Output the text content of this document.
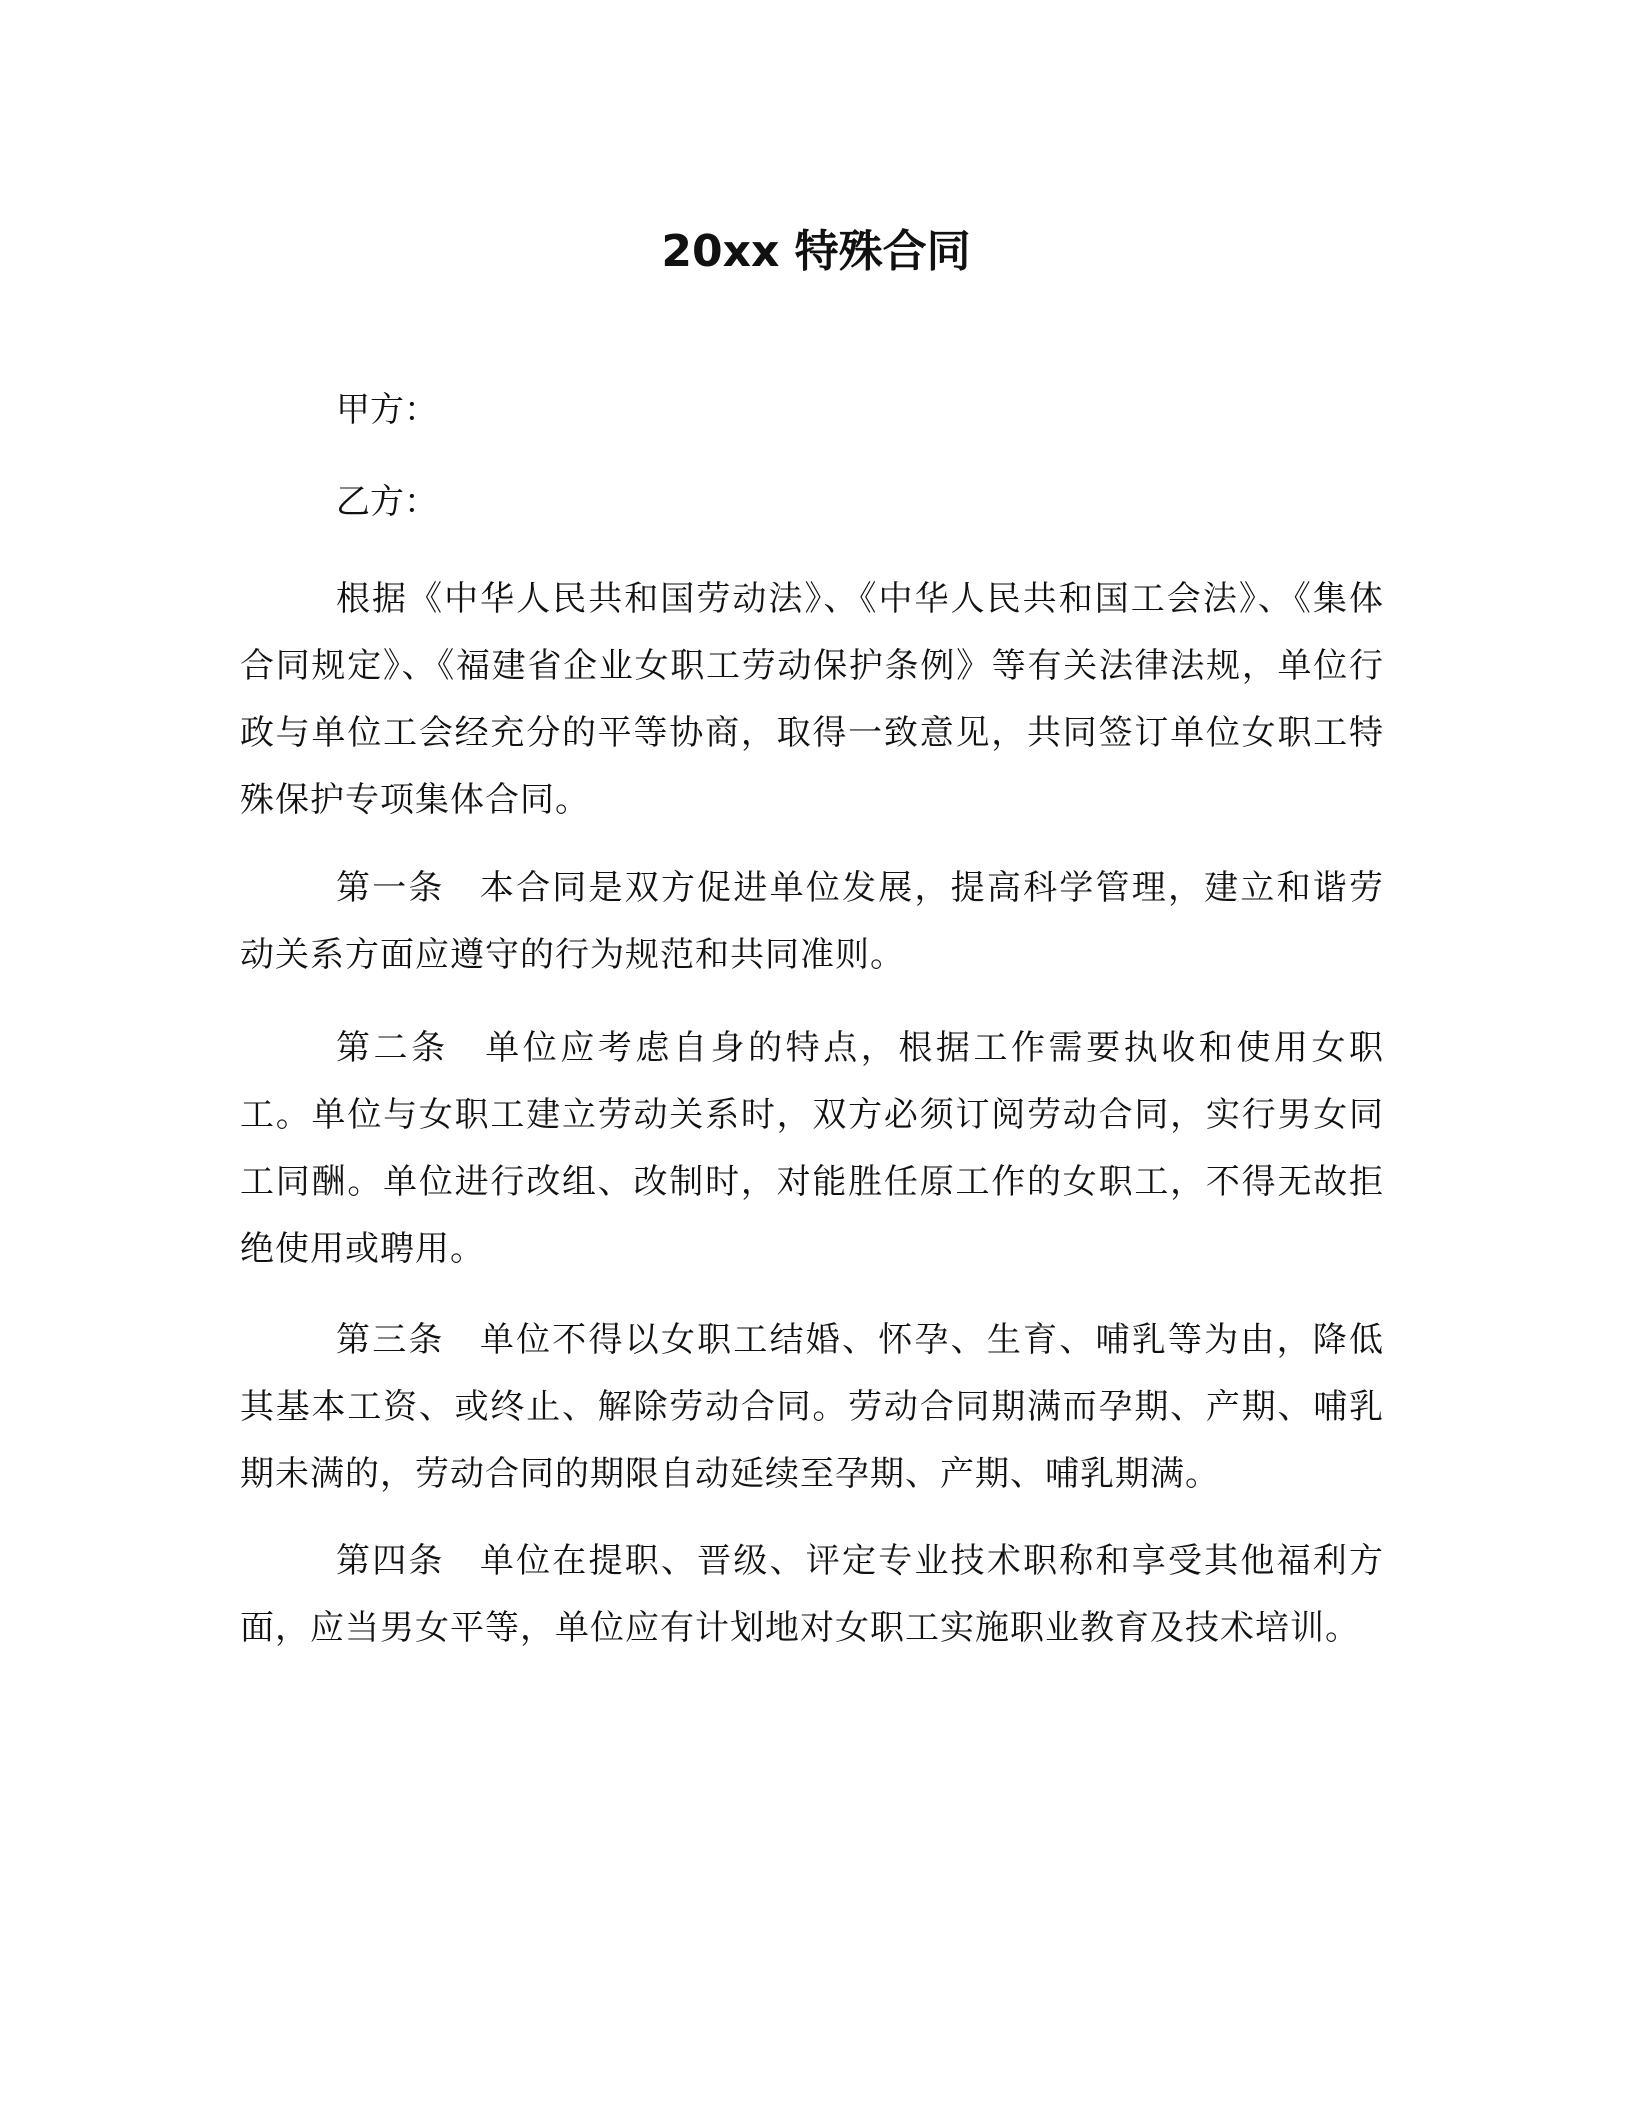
20xx 特殊合同

甲方：

乙方：

根据《中华人民共和国劳动法》、《中华人民共和国工会法》、《集体合同规定》、《福建省企业女职工劳动保护条例》等有关法律法规，单位行政与单位工会经充分的平等协商，取得一致意见，共同签订单位女职工特殊保护专项集体合同。

第一条 本合同是双方促进单位发展，提高科学管理，建立和谐劳动关系方面应遵守的行为规范和共同准则。

第二条 单位应考虑自身的特点，根据工作需要执收和使用女职工。单位与女职工建立劳动关系时，双方必须订阅劳动合同，实行男女同工同酬。单位进行改组、改制时，对能胜任原工作的女职工，不得无故拒绝使用或聘用。

第三条 单位不得以女职工结婚、怀孕、生育、哺乳等为由，降低其基本工资、或终止、解除劳动合同。劳动合同期满而孕期、产期、哺乳期未满的，劳动合同的期限自动延续至孕期、产期、哺乳期满。

第四条 单位在提职、晋级、评定专业技术职称和享受其他福利方面，应当男女平等，单位应有计划地对女职工实施职业教育及技术培训。
